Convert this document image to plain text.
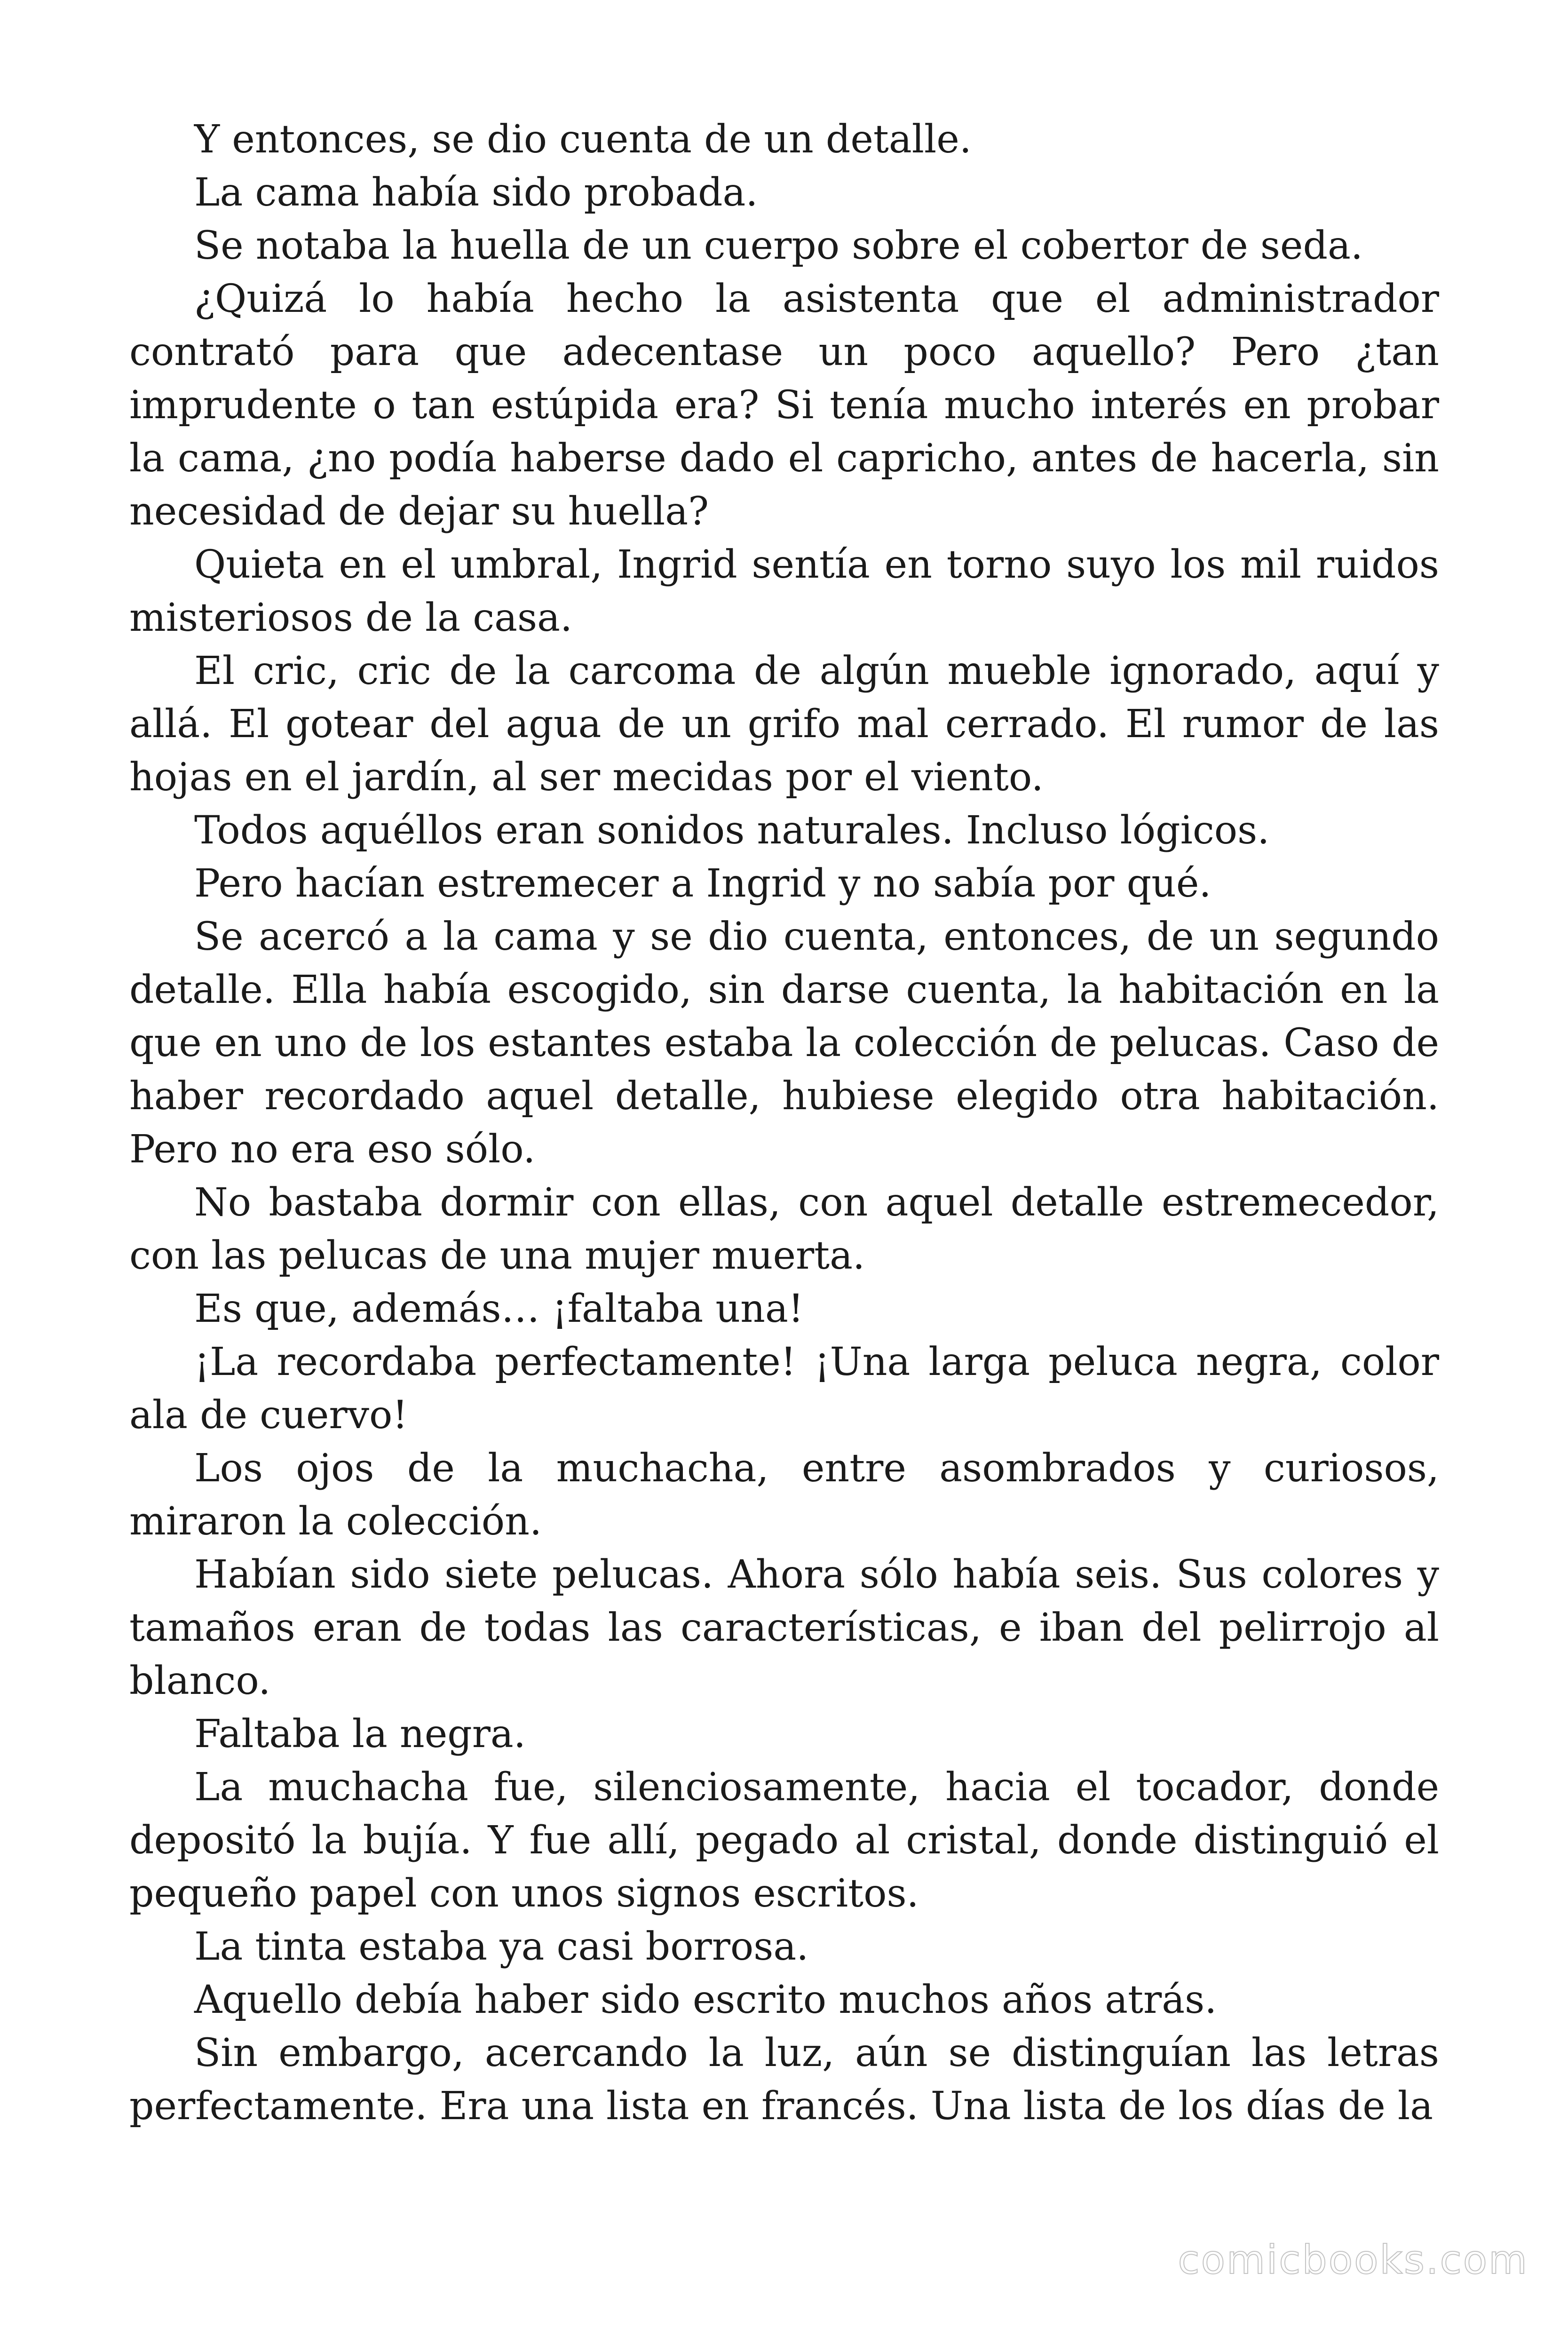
Y entonces, se dio cuenta de un detalle.

La cama había sido probada.

Se notaba la huella de un cuerpo sobre el cobertor de seda.

¿Quizá lo había hecho la asistenta que el administrador contrató para que adecentase un poco aquello? Pero ¿tan imprudente o tan estúpida era? Si tenía mucho interés en probar la cama, ¿no podía haberse dado el capricho, antes de hacerla, sin necesidad de dejar su huella?

Quieta en el umbral, Ingrid sentía en torno suyo los mil ruidos misteriosos de la casa.

El cric, cric de la carcoma de algún mueble ignorado, aquí y allá. El gotear del agua de un grifo mal cerrado. El rumor de las hojas en el jardín, al ser mecidas por el viento.

Todos aquéllos eran sonidos naturales. Incluso lógicos.

Pero hacían estremecer a Ingrid y no sabía por qué.

Se acercó a la cama y se dio cuenta, entonces, de un segundo detalle. Ella había escogido, sin darse cuenta, la habitación en la que en uno de los estantes estaba la colección de pelucas. Caso de haber recordado aquel detalle, hubiese elegido otra habitación. Pero no era eso sólo.

No bastaba dormir con ellas, con aquel detalle estremecedor, con las pelucas de una mujer muerta.

Es que, además… ¡faltaba una!

¡La recordaba perfectamente! ¡Una larga peluca negra, color ala de cuervo!

Los ojos de la muchacha, entre asombrados y curiosos, miraron la colección.

Habían sido siete pelucas. Ahora sólo había seis. Sus colores y tamaños eran de todas las características, e iban del pelirrojo al blanco.

Faltaba la negra.

La muchacha fue, silenciosamente, hacia el tocador, donde depositó la bujía. Y fue allí, pegado al cristal, donde distinguió el pequeño papel con unos signos escritos.

La tinta estaba ya casi borrosa.

Aquello debía haber sido escrito muchos años atrás.

Sin embargo, acercando la luz, aún se distinguían las letras perfectamente. Era una lista en francés. Una lista de los días de la

comicbooks.com
